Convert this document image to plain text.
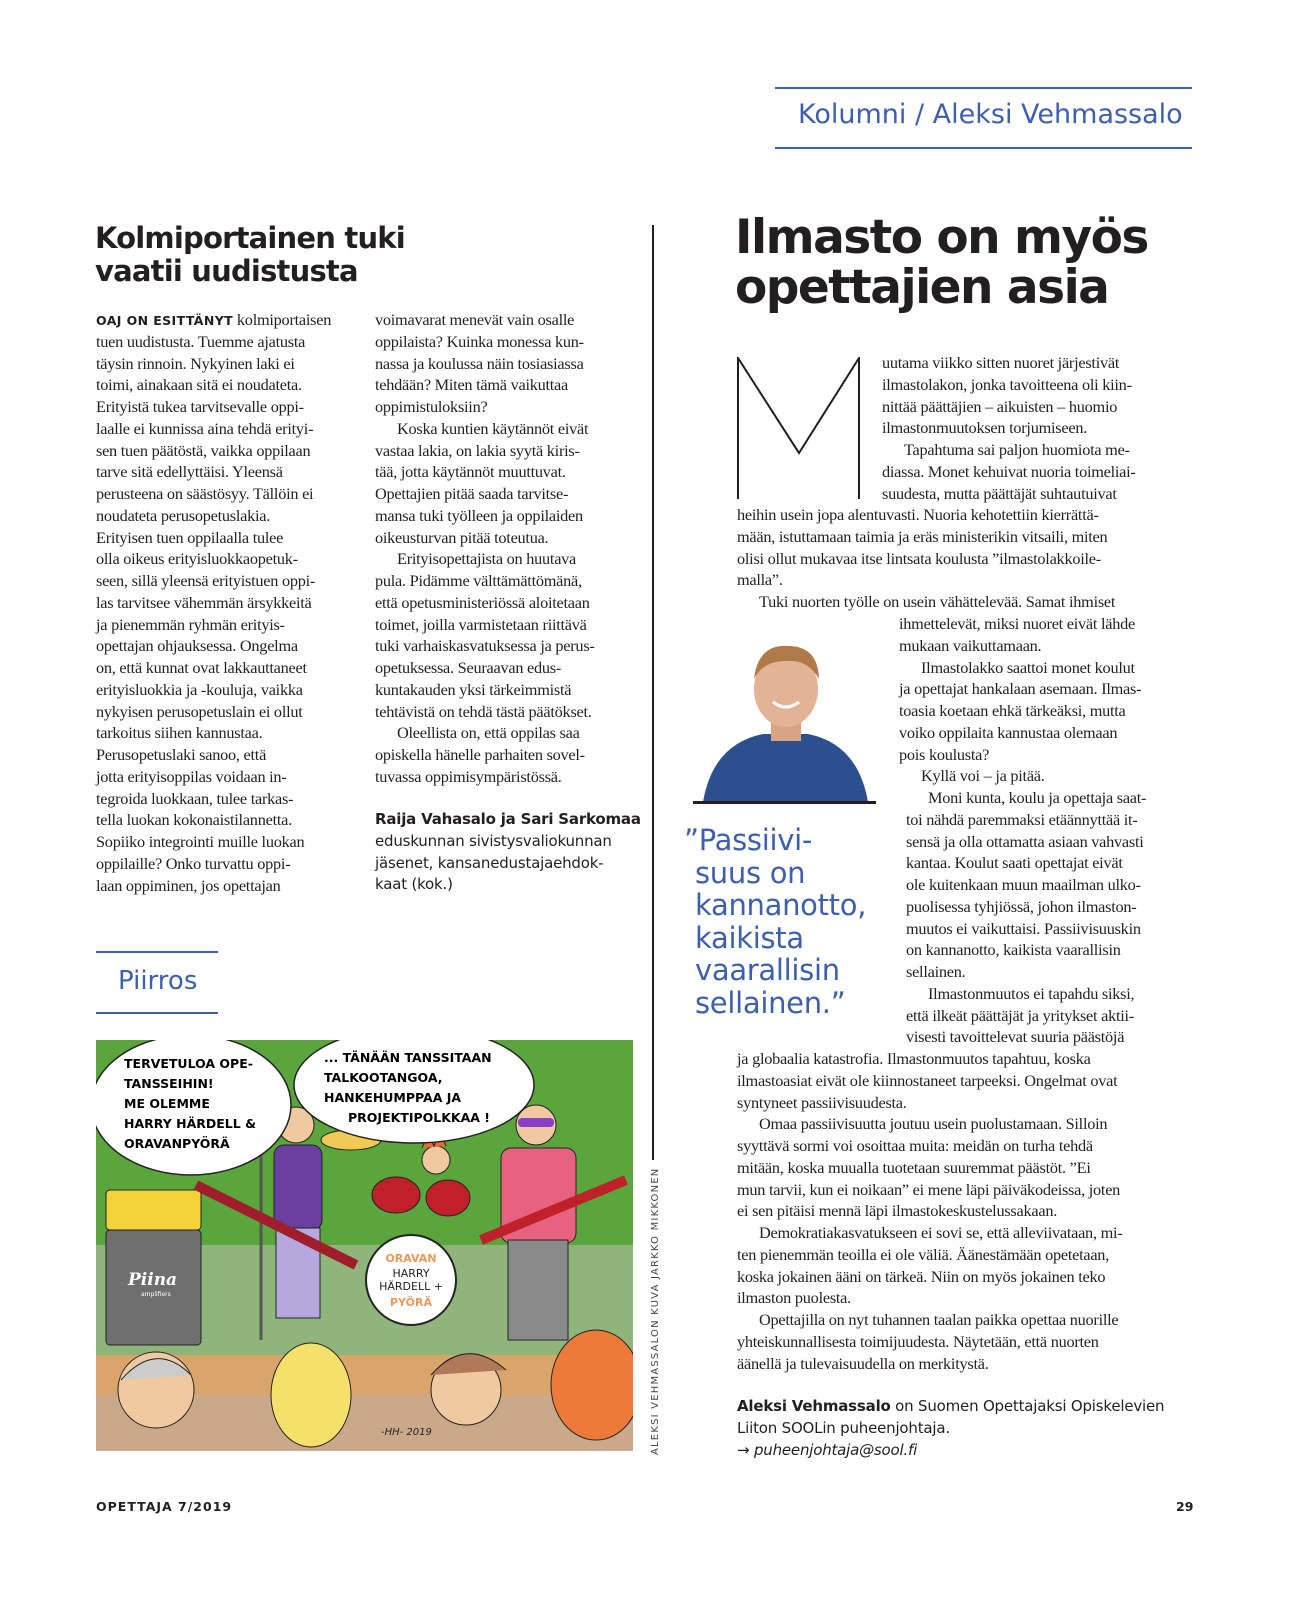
Kolumni / Aleksi Vehmassalo
Kolmiportainen tuki
vaatii uudistusta
OAJ ON ESITTÄNYT kolmiportaisen
tuen uudistusta. Tuemme ajatusta
täysin rinnoin. Nykyinen laki ei
toimi, ainakaan sitä ei noudateta.
Erityistä tukea tarvitsevalle oppi-
laalle ei kunnissa aina tehdä erityi-
sen tuen päätöstä, vaikka oppilaan
tarve sitä edellyttäisi. Yleensä
perusteena on säästösyy. Tällöin ei
noudateta perusopetuslakia.
Erityisen tuen oppilaalla tulee
olla oikeus erityisluokkaopetuk-
seen, sillä yleensä erityistuen oppi-
las tarvitsee vähemmän ärsykkeitä
ja pienemmän ryhmän erityis-
opettajan ohjauksessa. Ongelma
on, että kunnat ovat lakkauttaneet
erityisluokkia ja -kouluja, vaikka
nykyisen perusopetuslain ei ollut
tarkoitus siihen kannustaa.
Perusopetuslaki sanoo, että
jotta erityisoppilas voidaan in-
tegroida luokkaan, tulee tarkas-
tella luokan kokonaistilannetta.
Sopiiko integrointi muille luokan
oppilaille? Onko turvattu oppi-
laan oppiminen, jos opettajan
voimavarat menevät vain osalle
oppilaista? Kuinka monessa kun-
nassa ja koulussa näin tosiasiassa
tehdään? Miten tämä vaikuttaa
oppimistuloksiin?
Koska kuntien käytännöt eivät
vastaa lakia, on lakia syytä kiris-
tää, jotta käytännöt muuttuvat.
Opettajien pitää saada tarvitse-
mansa tuki työlleen ja oppilaiden
oikeusturvan pitää toteutua.
Erityisopettajista on huutava
pula. Pidämme välttämättömänä,
että opetusministeriössä aloitetaan
toimet, joilla varmistetaan riittävä
tuki varhaiskasvatuksessa ja perus-
opetuksessa. Seuraavan edus-
kuntakauden yksi tärkeimmistä
tehtävistä on tehdä tästä päätökset.
Oleellista on, että oppilas saa
opiskella hänelle parhaiten sovel-
tuvassa oppimisympäristössä.
Raija Vahasalo ja Sari Sarkomaa
eduskunnan sivistysvaliokunnan
jäsenet, kansanedustajaehdok-
kaat (kok.)
ALEKSI VEHMASSALON KUVA JARKKO MIKKONEN
Piirros
Piina
amplifiers
ORAVAN
HARRY
HÄRDELL +
PYÖRÄ
-HH- 2019
TERVETULOA OPE-
TANSSEIHIN!
ME OLEMME
HARRY HÄRDELL &
ORAVANPYÖRÄ
... TÄNÄÄN TANSSITAAN
TALKOOTANGOA,
HANKEHUMPPAA JA
PROJEKTIPOLKKAA !
Ilmasto on myös
opettajien asia
uutama viikko sitten nuoret järjestivät
ilmastolakon, jonka tavoitteena oli kiin-
nittää päättäjien – aikuisten – huomio
ilmastonmuutoksen torjumiseen.
Tapahtuma sai paljon huomiota me-
diassa. Monet kehuivat nuoria toimeliai-
suudesta, mutta päättäjät suhtautuivat
heihin usein jopa alentuvasti. Nuoria kehotettiin kierrättä-
mään, istuttamaan taimia ja eräs ministerikin vitsaili, miten
olisi ollut mukavaa itse lintsata koulusta ”ilmastolakkoile-
malla”.
Tuki nuorten työlle on usein vähättelevää. Samat ihmiset
ihmettelevät, miksi nuoret eivät lähde
mukaan vaikuttamaan.
Ilmastolakko saattoi monet koulut
ja opettajat hankalaan asemaan. Ilmas-
toasia koetaan ehkä tärkeäksi, mutta
voiko oppilaita kannustaa olemaan
pois koulusta?
Kyllä voi – ja pitää.
Moni kunta, koulu ja opettaja saat-
toi nähdä paremmaksi etäännyttää it-
sensä ja olla ottamatta asiaan vahvasti
kantaa. Koulut saati opettajat eivät
ole kuitenkaan muun maailman ulko-
puolisessa tyhjiössä, johon ilmaston-
muutos ei vaikuttaisi. Passiivisuuskin
on kannanotto, kaikista vaarallisin
sellainen.
Ilmastonmuutos ei tapahdu siksi,
että ilkeät päättäjät ja yritykset aktii-
visesti tavoittelevat suuria päästöjä
ja globaalia katastrofia. Ilmastonmuutos tapahtuu, koska
ilmastoasiat eivät ole kiinnostaneet tarpeeksi. Ongelmat ovat
syntyneet passiivisuudesta.
Omaa passiivisuutta joutuu usein puolustamaan. Silloin
syyttävä sormi voi osoittaa muita: meidän on turha tehdä
mitään, koska muualla tuotetaan suuremmat päästöt. ”Ei
mun tarvii, kun ei noikaan” ei mene läpi päiväkodeissa, joten
ei sen pitäisi mennä läpi ilmastokeskustelussakaan.
Demokratiakasvatukseen ei sovi se, että alleviivataan, mi-
ten pienemmän teoilla ei ole väliä. Äänestämään opetetaan,
koska jokainen ääni on tärkeä. Niin on myös jokainen teko
ilmaston puolesta.
Opettajilla on nyt tuhannen taalan paikka opettaa nuorille
yhteiskunnallisesta toimijuudesta. Näytetään, että nuorten
äänellä ja tulevaisuudella on merkitystä.
”Passiivi-
suus on
kannanotto,
kaikista
vaarallisin
sellainen.”
Aleksi Vehmassalo on Suomen Opettajaksi Opiskelevien
Liiton SOOLin puheenjohtaja.
→ puheenjohtaja@sool.fi
OPETTAJA 7/2019	29
